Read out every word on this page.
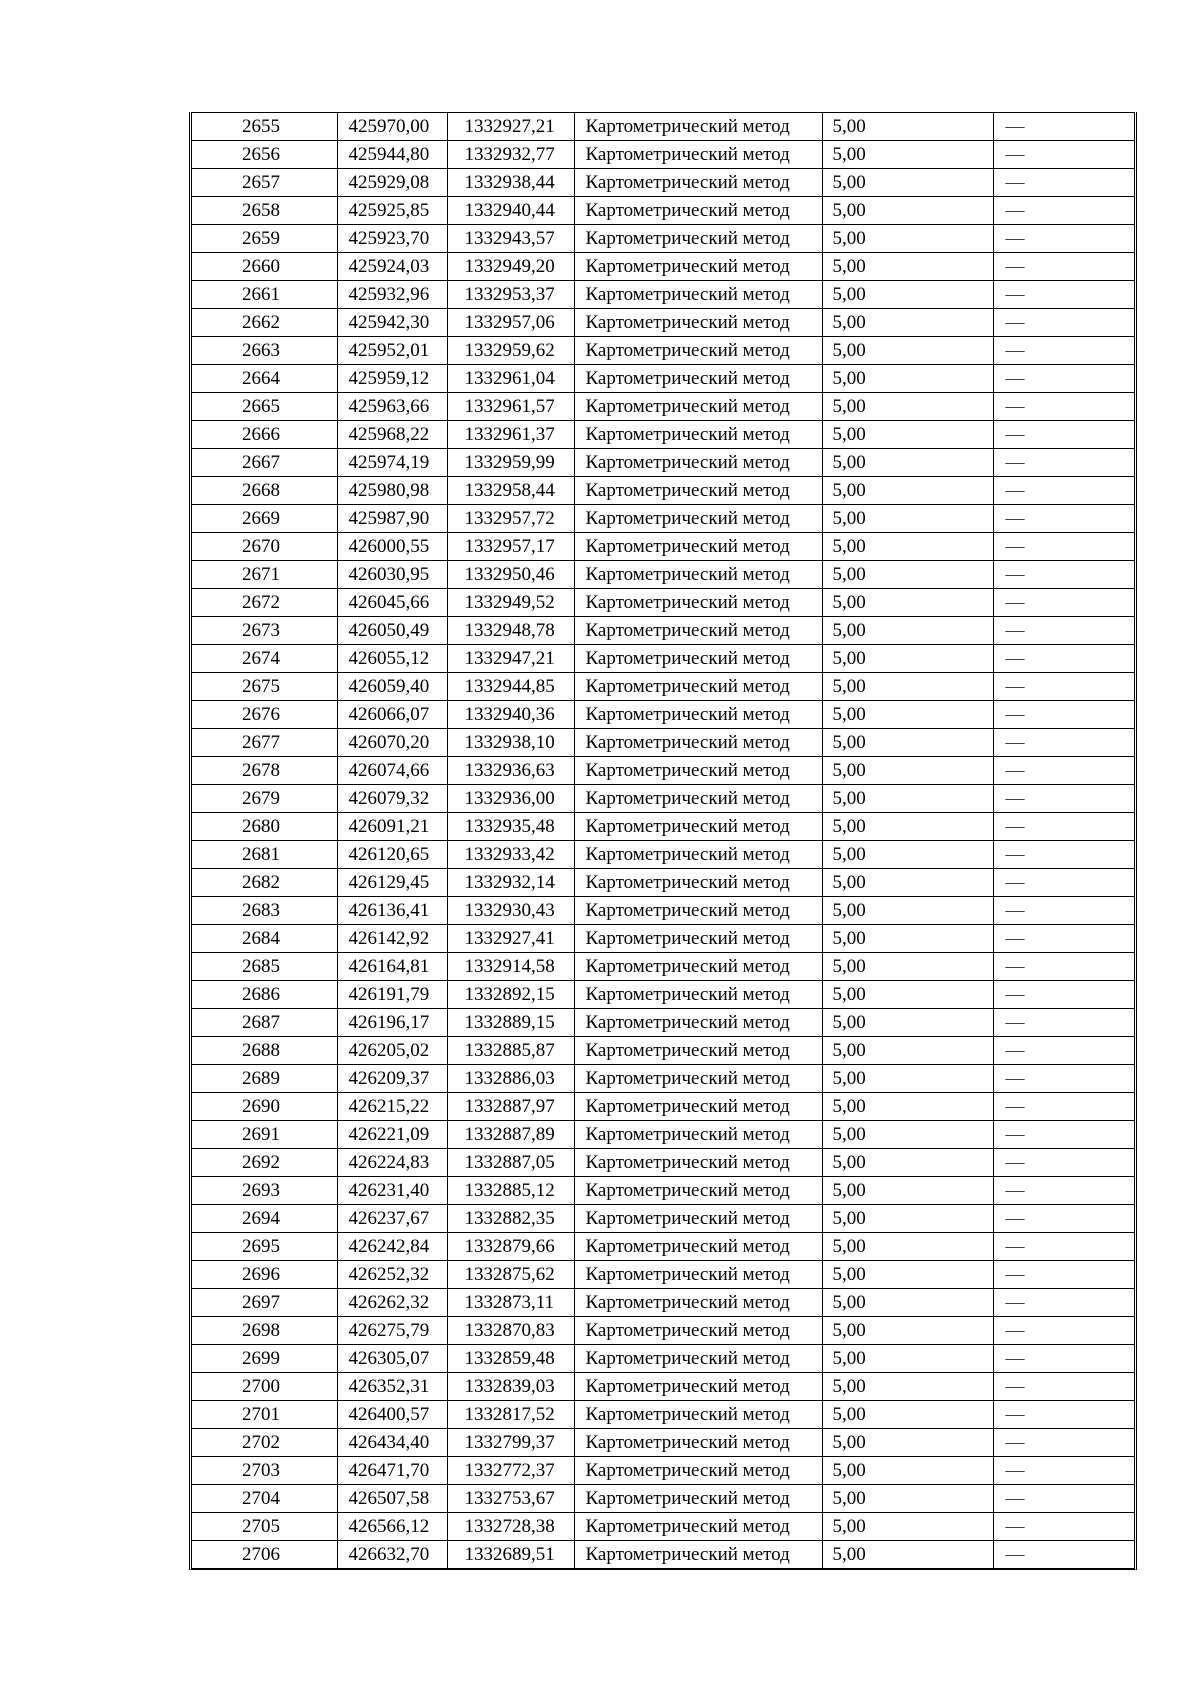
2655	425970,00	1332927,21	Картометрический метод	5,00	—
2656	425944,80	1332932,77	Картометрический метод	5,00	—
2657	425929,08	1332938,44	Картометрический метод	5,00	—
2658	425925,85	1332940,44	Картометрический метод	5,00	—
2659	425923,70	1332943,57	Картометрический метод	5,00	—
2660	425924,03	1332949,20	Картометрический метод	5,00	—
2661	425932,96	1332953,37	Картометрический метод	5,00	—
2662	425942,30	1332957,06	Картометрический метод	5,00	—
2663	425952,01	1332959,62	Картометрический метод	5,00	—
2664	425959,12	1332961,04	Картометрический метод	5,00	—
2665	425963,66	1332961,57	Картометрический метод	5,00	—
2666	425968,22	1332961,37	Картометрический метод	5,00	—
2667	425974,19	1332959,99	Картометрический метод	5,00	—
2668	425980,98	1332958,44	Картометрический метод	5,00	—
2669	425987,90	1332957,72	Картометрический метод	5,00	—
2670	426000,55	1332957,17	Картометрический метод	5,00	—
2671	426030,95	1332950,46	Картометрический метод	5,00	—
2672	426045,66	1332949,52	Картометрический метод	5,00	—
2673	426050,49	1332948,78	Картометрический метод	5,00	—
2674	426055,12	1332947,21	Картометрический метод	5,00	—
2675	426059,40	1332944,85	Картометрический метод	5,00	—
2676	426066,07	1332940,36	Картометрический метод	5,00	—
2677	426070,20	1332938,10	Картометрический метод	5,00	—
2678	426074,66	1332936,63	Картометрический метод	5,00	—
2679	426079,32	1332936,00	Картометрический метод	5,00	—
2680	426091,21	1332935,48	Картометрический метод	5,00	—
2681	426120,65	1332933,42	Картометрический метод	5,00	—
2682	426129,45	1332932,14	Картометрический метод	5,00	—
2683	426136,41	1332930,43	Картометрический метод	5,00	—
2684	426142,92	1332927,41	Картометрический метод	5,00	—
2685	426164,81	1332914,58	Картометрический метод	5,00	—
2686	426191,79	1332892,15	Картометрический метод	5,00	—
2687	426196,17	1332889,15	Картометрический метод	5,00	—
2688	426205,02	1332885,87	Картометрический метод	5,00	—
2689	426209,37	1332886,03	Картометрический метод	5,00	—
2690	426215,22	1332887,97	Картометрический метод	5,00	—
2691	426221,09	1332887,89	Картометрический метод	5,00	—
2692	426224,83	1332887,05	Картометрический метод	5,00	—
2693	426231,40	1332885,12	Картометрический метод	5,00	—
2694	426237,67	1332882,35	Картометрический метод	5,00	—
2695	426242,84	1332879,66	Картометрический метод	5,00	—
2696	426252,32	1332875,62	Картометрический метод	5,00	—
2697	426262,32	1332873,11	Картометрический метод	5,00	—
2698	426275,79	1332870,83	Картометрический метод	5,00	—
2699	426305,07	1332859,48	Картометрический метод	5,00	—
2700	426352,31	1332839,03	Картометрический метод	5,00	—
2701	426400,57	1332817,52	Картометрический метод	5,00	—
2702	426434,40	1332799,37	Картометрический метод	5,00	—
2703	426471,70	1332772,37	Картометрический метод	5,00	—
2704	426507,58	1332753,67	Картометрический метод	5,00	—
2705	426566,12	1332728,38	Картометрический метод	5,00	—
2706	426632,70	1332689,51	Картометрический метод	5,00	—
